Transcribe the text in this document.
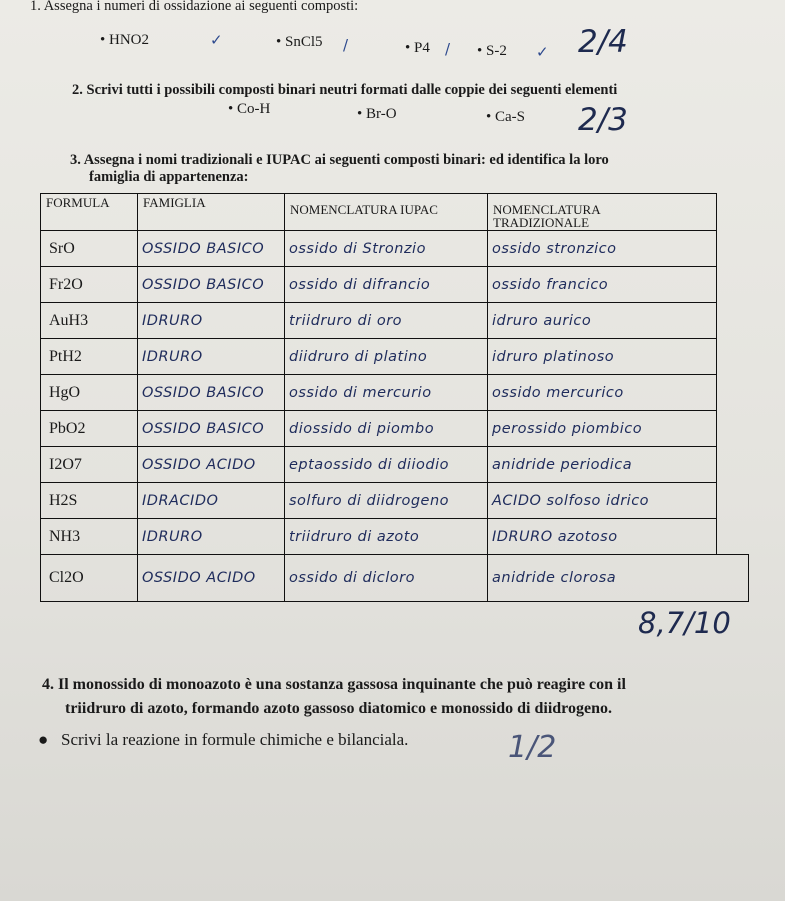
1. Assegna i numeri di ossidazione ai seguenti composti:
• HNO2	✓	• SnCl5 /	• P4 /	• S-2 ✓ 2/4
2. Scrivi tutti i possibili composti binari neutri formati dalle coppie dei seguenti elementi
• Co-H	• Br-O	• Ca-S 2/3
3. Assegna i nomi tradizionali e IUPAC ai seguenti composti binari: ed identifica la loro
famiglia di appartenenza:
FORMULA	FAMIGLIA	NOMENCLATURA IUPAC	NOMENCLATURA
TRADIZIONALE
SrO	OSSIDO BASICO	ossido di Stronzio	ossido stronzico
Fr2O	OSSIDO BASICO	ossido di difrancio	ossido francico
AuH3	IDRURO	triidruro di oro	idruro aurico
PtH2	IDRURO	diidruro di platino	idruro platinoso
HgO	OSSIDO BASICO	ossido di mercurio	ossido mercurico
PbO2	OSSIDO BASICO	diossido di piombo	perossido piombico
I2O7	OSSIDO ACIDO	eptaossido di diiodio	anidride periodica
H2S	IDRACIDO	solfuro di diidrogeno	ACIDO solfoso idrico
NH3	IDRURO	triidruro di azoto	IDRURO azotoso
Cl2O	OSSIDO ACIDO	ossido di dicloro	anidride clorosa
8,7/10
4. Il monossido di monoazoto è una sostanza gassosa inquinante che può reagire con il
triidruro di azoto, formando azoto gassoso diatomico e monossido di diidrogeno.
●   Scrivi la reazione in formule chimiche e bilanciala.	1/2
